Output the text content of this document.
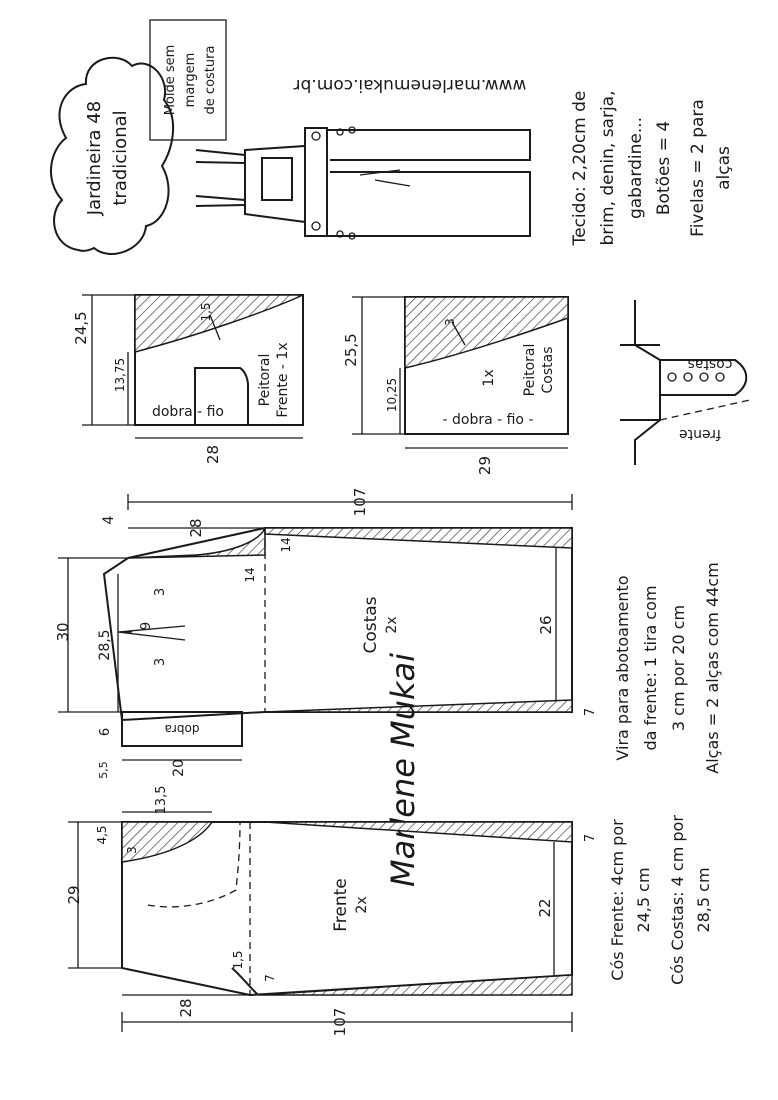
Jardineira 48 tradicional
Molde sem margem de costura	www.marlenemukai.com.br
Tecido: 2,20cm de brim, denin, sarja, gabardine... Botões = 4 Fivelas = 2 para alças
24,5
13,75
28
1,5
Peitoral Frente - 1x
dobra - fio
25,5
10,25
29
3
1x Peitoral Costas
- dobra - fio -
costas
frente
107
28
4
30 28,5
9
3
3
14
14
26
7
6
5,5	20
dobra
Costas 2x
Marlene Mukai	Vira para abotoamento da frente: 1 tira com 3 cm por 20 cm Alças = 2 alças com 44cm
29
13,5
4,5
3
1,5
7
28
22
7
107
Frente 2x	Cós Frente: 4cm por 24,5 cm Cós Costas: 4 cm por 28,5 cm
